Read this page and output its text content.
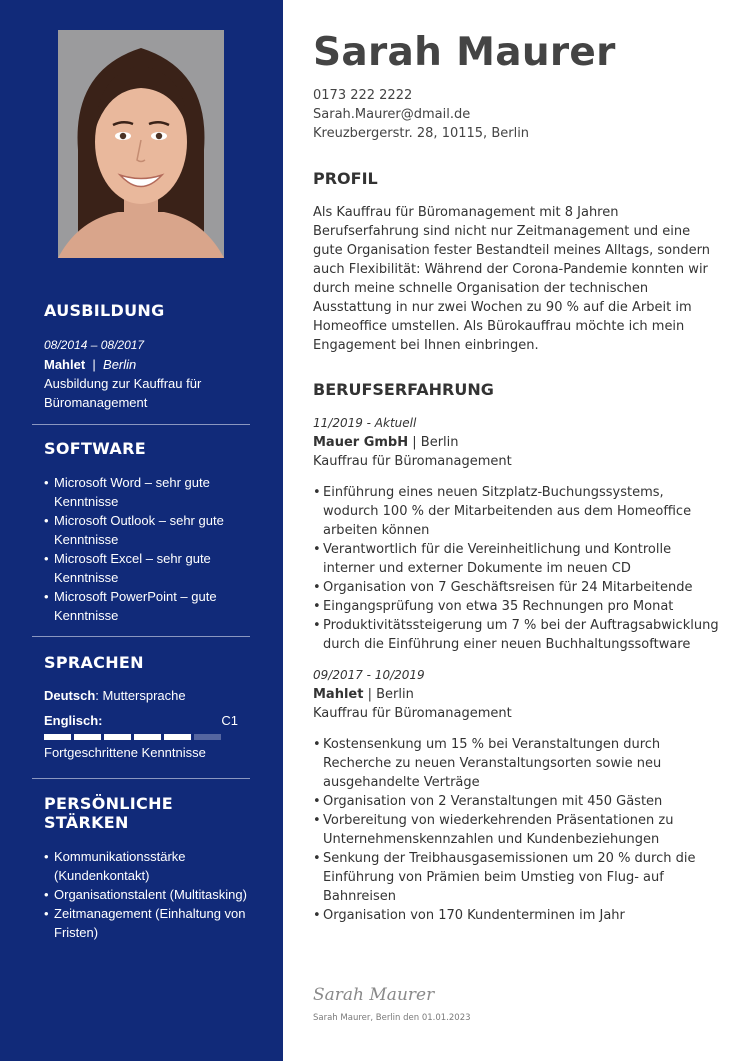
AUSBILDUNG
08/2014 – 08/2017
Mahlet  |  Berlin
Ausbildung zur Kauffrau für Büromanagement
SOFTWARE
• Microsoft Word – sehr gute Kenntnisse
• Microsoft Outlook – sehr gute Kenntnisse
• Microsoft Excel – sehr gute Kenntnisse
• Microsoft PowerPoint – gute Kenntnisse
SPRACHEN
Deutsch: Muttersprache
Englisch:	C1
Fortgeschrittene Kenntnisse
PERSÖNLICHE STÄRKEN
• Kommunikationsstärke (Kundenkontakt)
• Organisationstalent (Multitasking)
• Zeitmanagement (Einhaltung von Fristen)
Sarah Maurer
0173 222 2222
Sarah.Maurer@dmail.de
Kreuzbergerstr. 28, 10115, Berlin
PROFIL
Als Kauffrau für Büromanagement mit 8 Jahren Berufserfahrung sind nicht nur Zeitmanagement und eine gute Organisation fester Bestandteil meines Alltags, sondern auch Flexibilität: Während der Corona-Pandemie konnten wir durch meine schnelle Organisation der technischen Ausstattung in nur zwei Wochen zu 90 % auf die Arbeit im Homeoffice umstellen. Als Bürokauffrau möchte ich mein Engagement bei Ihnen einbringen.
BERUFSERFAHRUNG
11/2019 - Aktuell
Mauer GmbH | Berlin
Kauffrau für Büromanagement
• Einführung eines neuen Sitzplatz-Buchungssystems, wodurch 100 % der Mitarbeitenden aus dem Homeoffice arbeiten können
• Verantwortlich für die Vereinheitlichung und Kontrolle interner und externer Dokumente im neuen CD
• Organisation von 7 Geschäftsreisen für 24 Mitarbeitende
• Eingangsprüfung von etwa 35 Rechnungen pro Monat
• Produktivitätssteigerung um 7 % bei der Auftragsabwicklung durch die Einführung einer neuen Buchhaltungssoftware
09/2017 - 10/2019
Mahlet | Berlin
Kauffrau für Büromanagement
• Kostensenkung um 15 % bei Veranstaltungen durch Recherche zu neuen Veranstaltungsorten sowie neu ausgehandelte Verträge
• Organisation von 2 Veranstaltungen mit 450 Gästen
• Vorbereitung von wiederkehrenden Präsentationen zu Unternehmenskennzahlen und Kundenbeziehungen
• Senkung der Treibhausgasemissionen um 20 % durch die Einführung von Prämien beim Umstieg von Flug- auf Bahnreisen
• Organisation von 170 Kundenterminen im Jahr
Sarah Maurer
Sarah Maurer, Berlin den 01.01.2023
